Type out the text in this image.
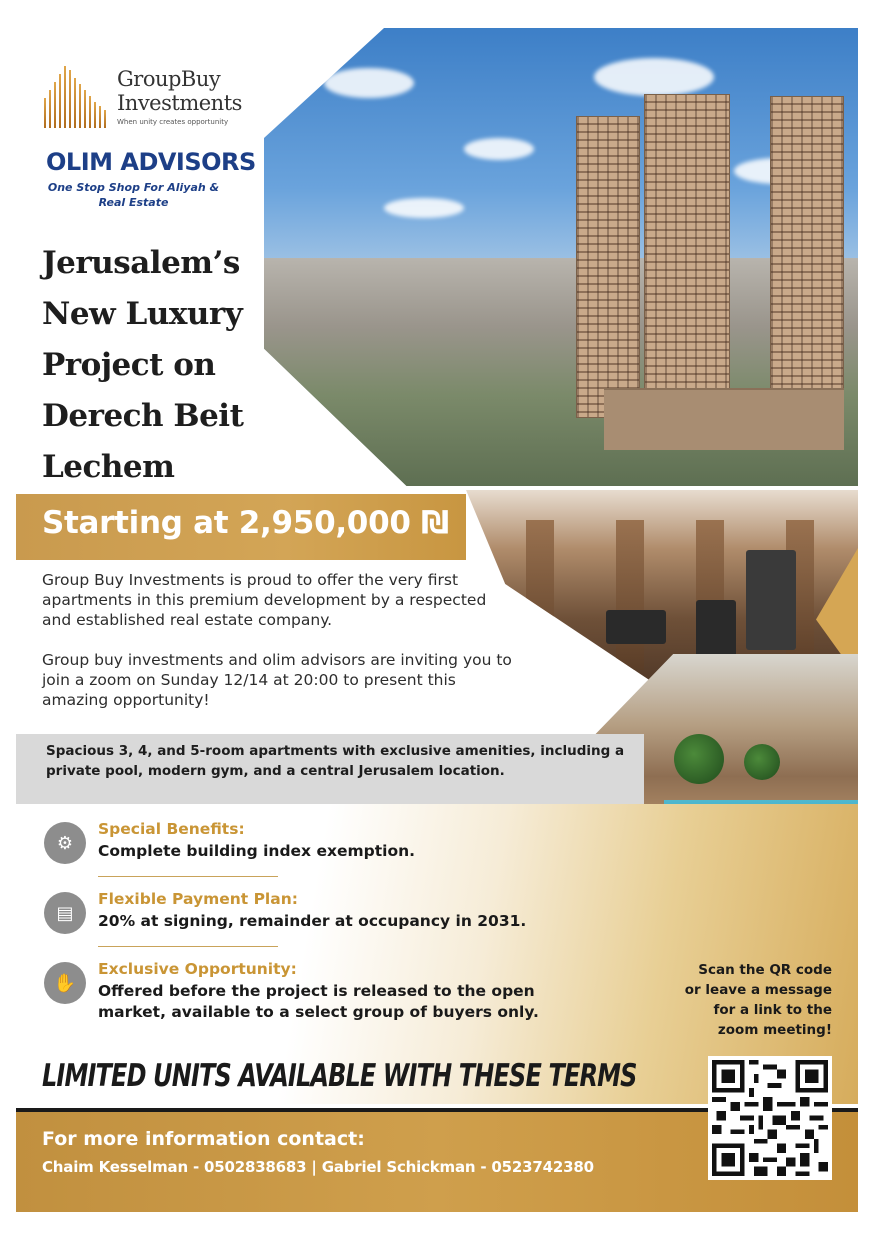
GroupBuy
Investments
When unity creates opportunity
OLIM ADVISORS
One Stop Shop For Aliyah &
Real Estate
Jerusalem’s
New Luxury
Project on
Derech Beit
Lechem
Starting at 2,950,000 ₪

Group Buy Investments is proud to offer the very first apartments in this premium development by a respected and established real estate company.

Group buy investments and olim advisors are inviting you to join a zoom on Sunday 12/14 at 20:00 to present this amazing opportunity!

Spacious 3, 4, and 5-room apartments with exclusive amenities, including a private pool, modern gym, and a central Jerusalem location.
⚙
Special Benefits:
Complete building index exemption.
▤
Flexible Payment Plan:
20% at signing, remainder at occupancy in 2031.
✋
Exclusive Opportunity:
Offered before the project is released to the open market, available to a select group of buyers only.
Scan the QR code
or leave a message
for a link to the
zoom meeting!
LIMITED UNITS AVAILABLE WITH THESE TERMS
For more information contact:
Chaim Kesselman - 0502838683 | Gabriel Schickman - 0523742380
